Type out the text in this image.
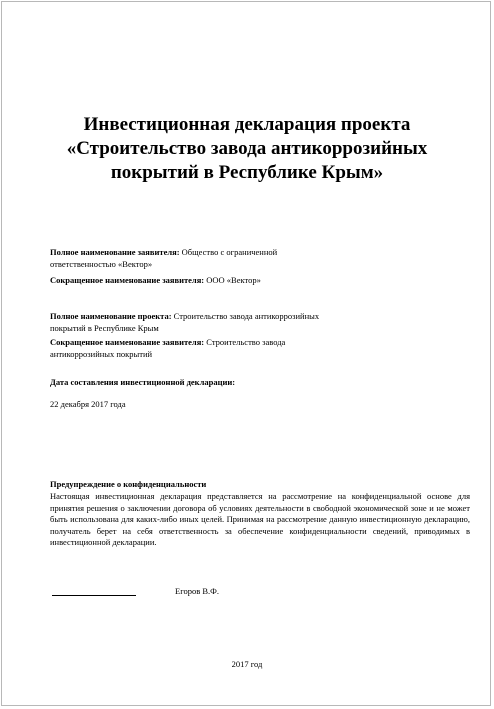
Инвестиционная декларация проекта
«Строительство завода антикоррозийных
покрытий в Республике Крым»
Полное наименование заявителя: Общество с ограниченной ответственностью «Вектор»
Сокращенное наименование заявителя: ООО «Вектор»
Полное наименование проекта: Строительство завода антикоррозийных покрытий в Республике Крым
Сокращенное наименование заявителя: Строительство завода антикоррозийных покрытий
Дата составления инвестиционной декларации:
22 декабря 2017 года
Предупреждение о конфиденциальности
Настоящая инвестиционная декларация представляется на рассмотрение на конфиденциальной основе для принятия решения о заключении договора об условиях деятельности в свободной экономической зоне и не может быть использована для каких-либо иных целей. Принимая на рассмотрение данную инвестиционную декларацию, получатель берет на себя ответственность за обеспечение конфиденциальности сведений, приводимых в инвестиционной декларации.
Егоров В.Ф.
2017 год
